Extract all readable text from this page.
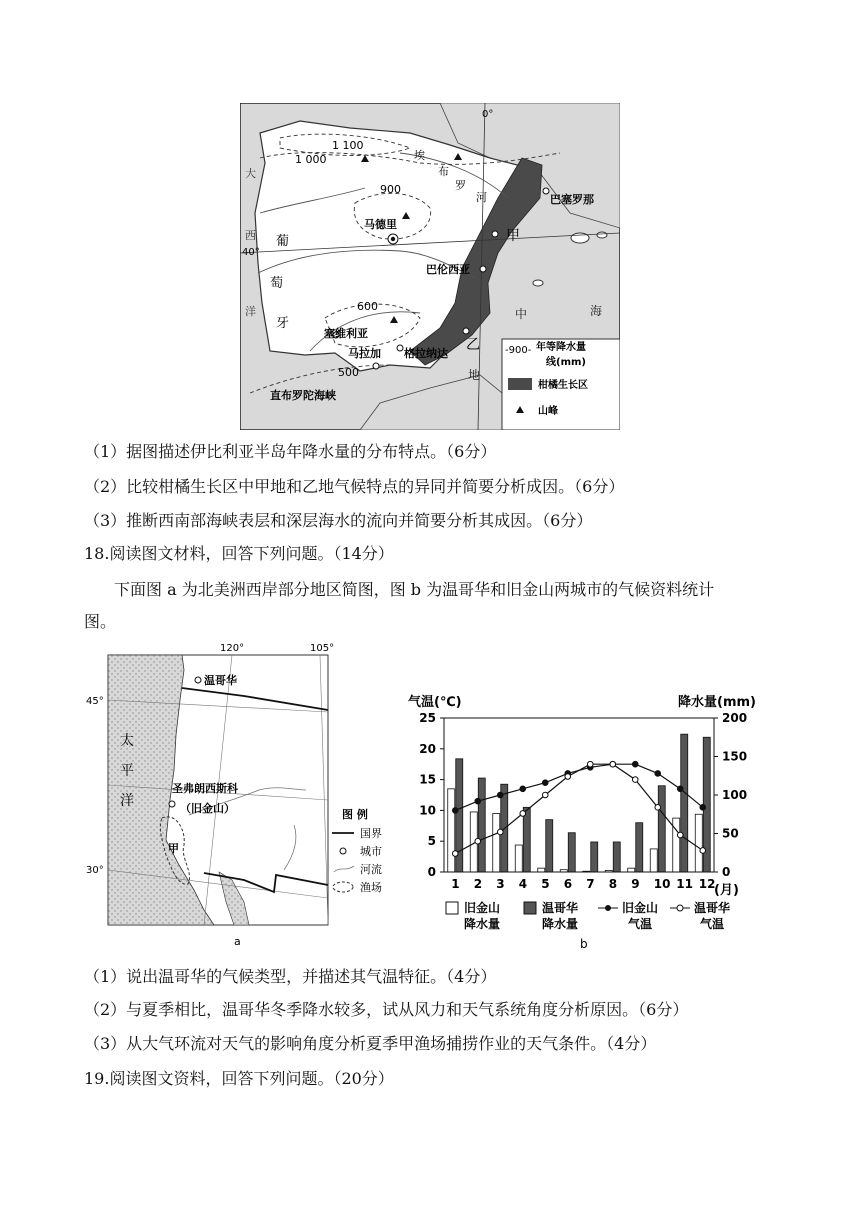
0°
40°
大
西
洋
葡
萄
牙
埃
布
罗
河
中	海
地
1 100
1 000
900
600
500
马德里
巴塞罗那
巴伦西亚
塞维利亚
马拉加 格拉纳达
甲
乙
直布罗陀海峡
-900- 年等降水量
线(mm)
柑橘生长区
山峰
（1）据图描述伊比利亚半岛年降水量的分布特点。（6分）
（2）比较柑橘生长区中甲地和乙地气候特点的异同并简要分析成因。（6分）
（3）推断西南部海峡表层和深层海水的流向并简要分析其成因。（6分）
18.阅读图文材料，回答下列问题。（14分）
下面图 a 为北美洲西岸部分地区简图，图 b 为温哥华和旧金山两城市的气候资料统计
图。
120°	105°
45°
30°
太
平
洋
温哥华
圣弗朗西斯科
（旧金山）
甲
图 例
国界
城市
河流
渔场
a
1 2 3 4 5 6 7 8 9 10 11 12
0
5
10
15
20
25
0
50
100
150
200
气温(℃)	降水量(mm)
(月)
旧金山
降水量
温哥华
降水量
旧金山
气温
温哥华
气温
b
（1）说出温哥华的气候类型，并描述其气温特征。（4分）
（2）与夏季相比，温哥华冬季降水较多，试从风力和天气系统角度分析原因。（6分）
（3）从大气环流对天气的影响角度分析夏季甲渔场捕捞作业的天气条件。（4分）
19.阅读图文资料，回答下列问题。（20分）
